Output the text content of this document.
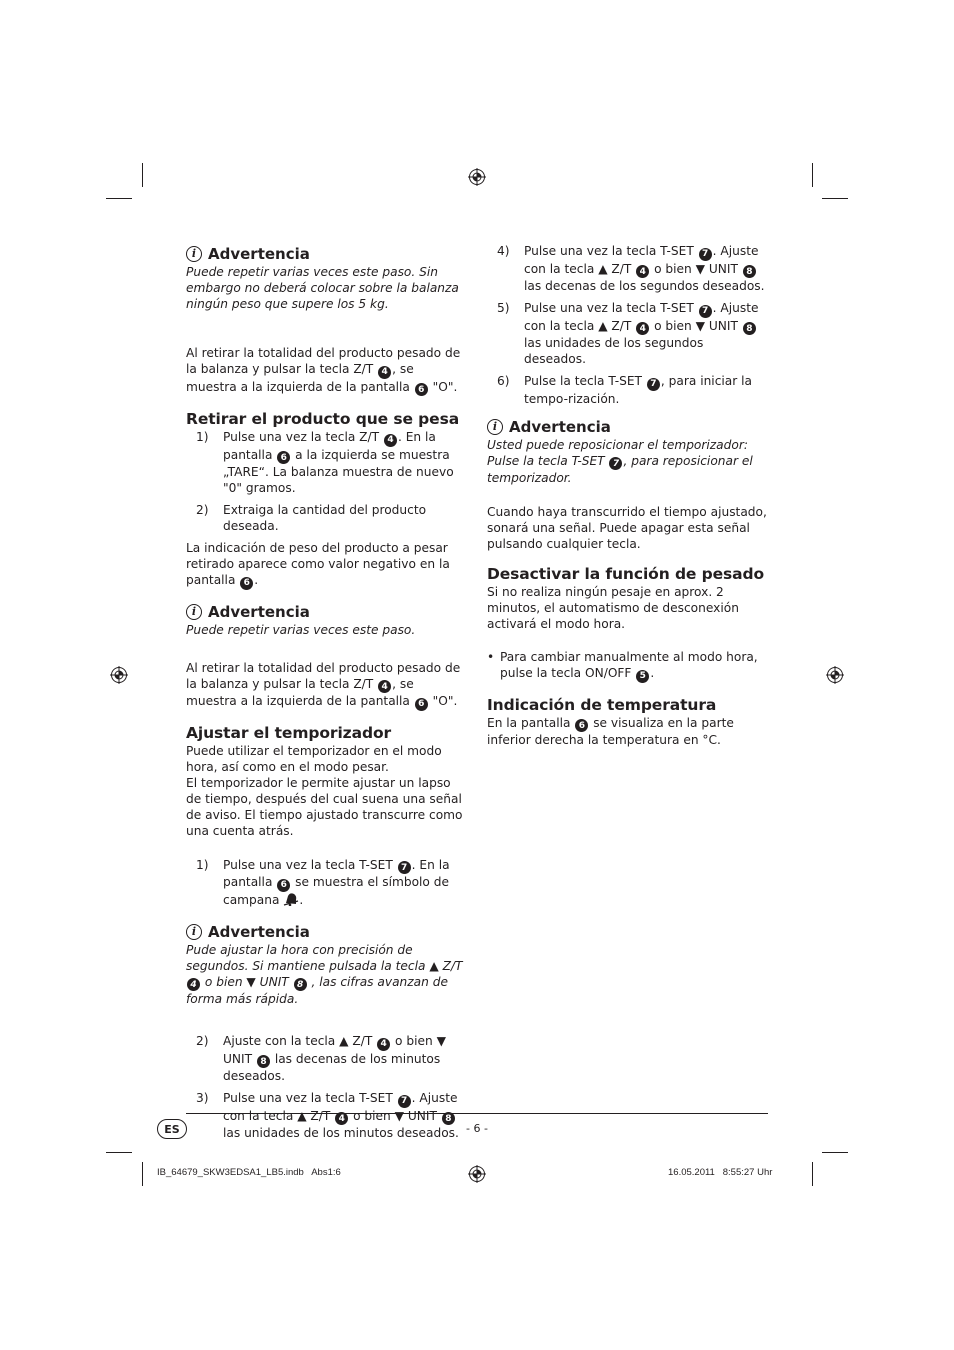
i Advertencia

Puede repetir varias veces este paso. Sin embargo no deberá colocar sobre la balanza ningún peso que supere los 5 kg.

Al retirar la totalidad del producto pesado de la balanza y pulsar la tecla Z/T 4 , se muestra a la izquierda de la pantalla 6 "O".

Retirar el producto que se pesa
1)	Pulse una vez la tecla Z/T 4 . En la pantalla 6 a la izquierda se muestra „TARE“. La balanza muestra de nuevo "0" gramos.
2)	Extraiga la cantidad del producto deseada.

La indicación de peso del producto a pesar retirado aparece como valor negativo en la pantalla 6 .

i Advertencia

Puede repetir varias veces este paso.

Al retirar la totalidad del producto pesado de la balanza y pulsar la tecla Z/T 4 , se muestra a la izquierda de la pantalla 6 "O".

Ajustar el temporizador

Puede utilizar el temporizador en el modo hora, así como en el modo pesar.
El temporizador le permite ajustar un lapso de tiempo, después del cual suena una señal de aviso. El tiempo ajustado transcurre como una cuenta atrás.

1)	Pulse una vez la tecla T-SET 7 . En la pantalla 6 se muestra el símbolo de campana .
i Advertencia

Pude ajustar la hora con precisión de segundos. Si mantiene pulsada la tecla ▲ Z/T 4 o bien ▼ UNIT 8 , las cifras avanzan de forma más rápida.

2)	Ajuste con la tecla ▲ Z/T 4 o bien ▼ UNIT 8 las decenas de los minutos deseados.
3)	Pulse una vez la tecla T-SET 7 . Ajuste con la tecla ▲ Z/T 4 o bien ▼ UNIT 8 las unidades de los minutos deseados.
4)	Pulse una vez la tecla T-SET 7 . Ajuste con la tecla ▲ Z/T 4 o bien ▼ UNIT 8 las decenas de los segundos deseados.
5)	Pulse una vez la tecla T-SET 7 . Ajuste con la tecla ▲ Z/T 4 o bien ▼ UNIT 8 las unidades de los segundos deseados.
6)	Pulse la tecla T-SET 7 , para iniciar la tempo-rización.
i Advertencia

Usted puede reposicionar el temporizador: Pulse la tecla T-SET 7 , para reposicionar el temporizador.

Cuando haya transcurrido el tiempo ajustado, sonará una señal. Puede apagar esta señal pulsando cualquier tecla.

Desactivar la función de pesado

Si no realiza ningún pesaje en aprox. 2 minutos, el automatismo de desconexión activará el modo hora.

• Para cambiar manualmente al modo hora, pulse la tecla ON/OFF 5 .

Indicación de temperatura

En la pantalla 6 se visualiza en la parte inferior derecha la temperatura en °C.

ES	- 6 -
IB_64679_SKW3EDSA1_LB5.indb   Abs1:6	16.05.2011   8:55:27 Uhr
